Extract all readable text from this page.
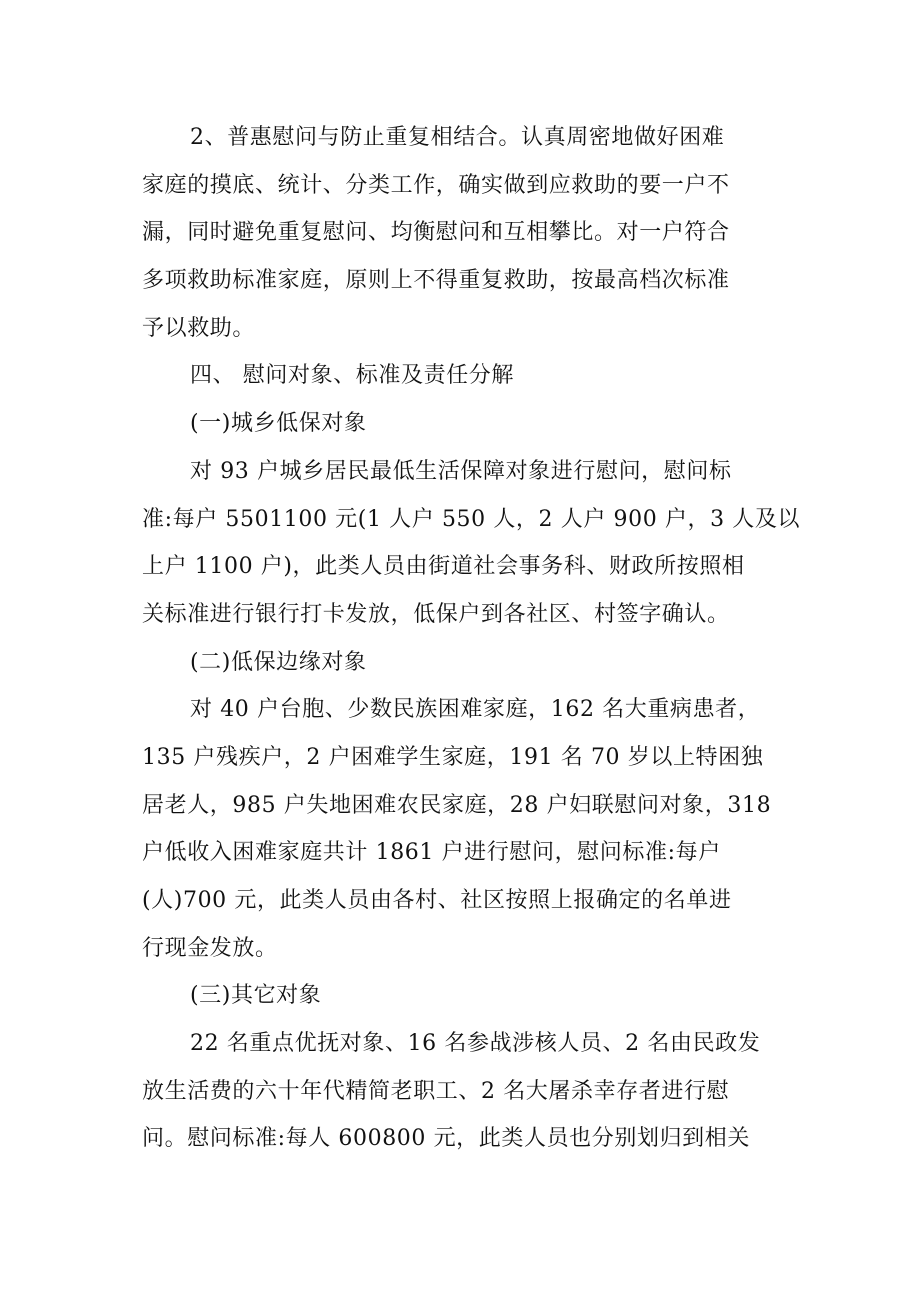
2、普惠慰问与防止重复相结合。认真周密地做好困难
家庭的摸底、统计、分类工作，确实做到应救助的要一户不
漏，同时避免重复慰问、均衡慰问和互相攀比。对一户符合
多项救助标准家庭，原则上不得重复救助，按最高档次标准
予以救助。
四、 慰问对象、标准及责任分解
(一)城乡低保对象
对 93 户城乡居民最低生活保障对象进行慰问，慰问标
准:每户 5501100 元(1 人户 550 人，2 人户 900 户，3 人及以
上户 1100 户)，此类人员由街道社会事务科、财政所按照相
关标准进行银行打卡发放，低保户到各社区、村签字确认。
(二)低保边缘对象
对 40 户台胞、少数民族困难家庭，162 名大重病患者，
135 户残疾户，2 户困难学生家庭，191 名 70 岁以上特困独
居老人，985 户失地困难农民家庭，28 户妇联慰问对象，318
户低收入困难家庭共计 1861 户进行慰问，慰问标准:每户
(人)700 元，此类人员由各村、社区按照上报确定的名单进
行现金发放。
(三)其它对象
22 名重点优抚对象、16 名参战涉核人员、2 名由民政发
放生活费的六十年代精简老职工、2 名大屠杀幸存者进行慰
问。慰问标准:每人 600800 元，此类人员也分别划归到相关
